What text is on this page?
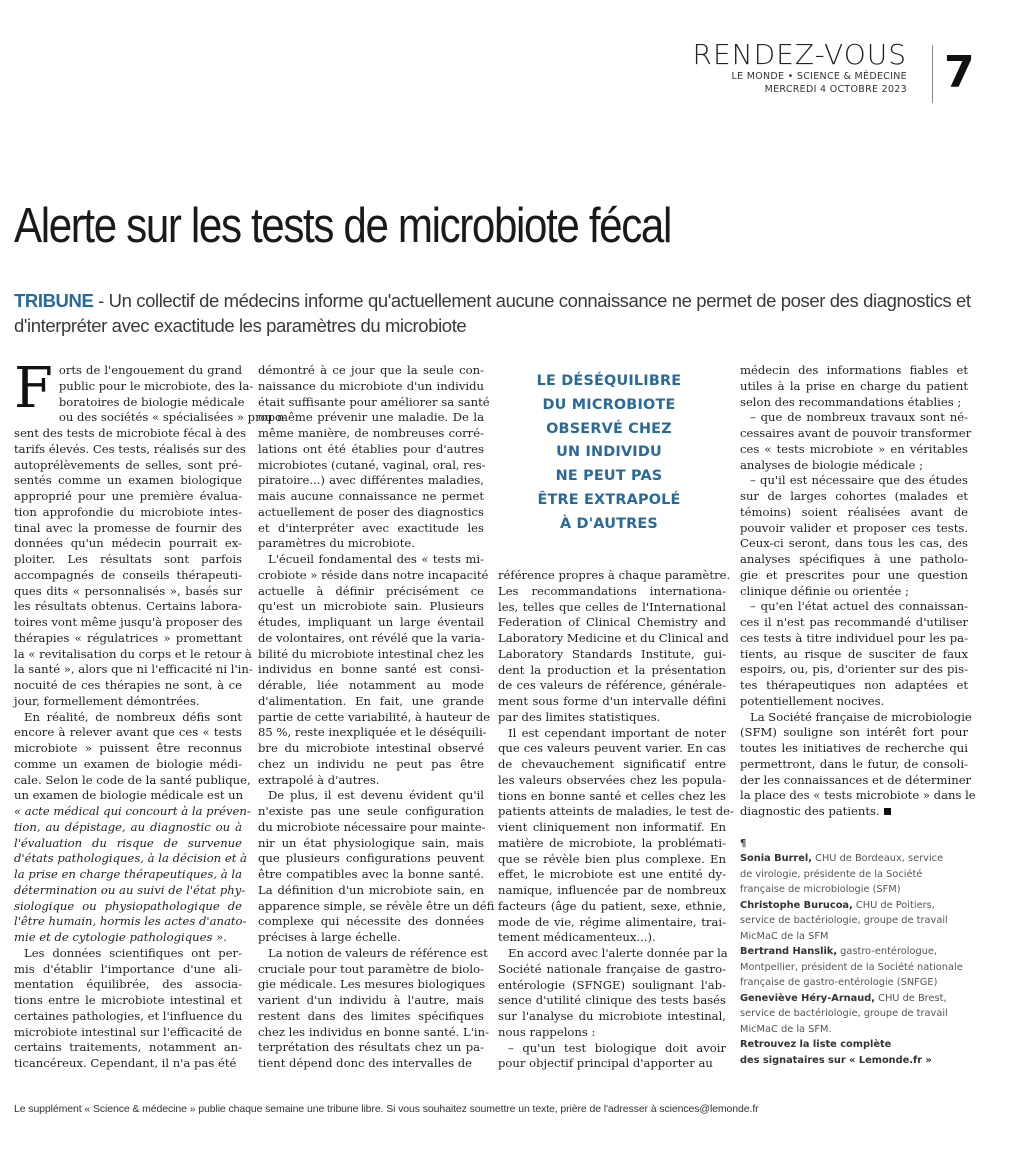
RENDEZ-VOUS
LE MONDE • SCIENCE & MÉDECINE
MERCREDI 4 OCTOBRE 2023 7
Alerte sur les tests de microbiote fécal
TRIBUNE - Un collectif de médecins informe qu'actuellement aucune connaissance ne permet de poser des diagnostics et d'interpréter avec exactitude les paramètres du microbiote
F orts de l'engouement du grand
public pour le microbiote, des la-
boratoires de biologie médicale
ou des sociétés « spécialisées » propo-
sent des tests de microbiote fécal à des
tarifs élevés. Ces tests, réalisés sur des
autoprélèvements de selles, sont pré-
sentés comme un examen biologique
approprié pour une première évalua-
tion approfondie du microbiote intes-
tinal avec la promesse de fournir des
données qu'un médecin pourrait ex-
ploiter. Les résultats sont parfois
accompagnés de conseils thérapeuti-
ques dits « personnalisés », basés sur
les résultats obtenus. Certains labora-
toires vont même jusqu'à proposer des
thérapies « régulatrices » promettant
la « revitalisation du corps et le retour à
la santé », alors que ni l'efficacité ni l'in-
nocuité de ces thérapies ne sont, à ce
jour, formellement démontrées.
En réalité, de nombreux défis sont
encore à relever avant que ces « tests
microbiote » puissent être reconnus
comme un examen de biologie médi-
cale. Selon le code de la santé publique,
un examen de biologie médicale est un
« acte médical qui concourt à la préven-
tion, au dépistage, au diagnostic ou à
l'évaluation du risque de survenue
d'états pathologiques, à la décision et à
la prise en charge thérapeutiques, à la
détermination ou au suivi de l'état phy-
siologique ou physiopathologique de
l'être humain, hormis les actes d'anato-
mie et de cytologie pathologiques ».
Les données scientifiques ont per-
mis d'établir l'importance d'une ali-
mentation équilibrée, des associa-
tions entre le microbiote intestinal et
certaines pathologies, et l'influence du
microbiote intestinal sur l'efficacité de
certains traitements, notamment an-
ticancéreux. Cependant, il n'a pas été
démontré à ce jour que la seule con-
naissance du microbiote d'un individu
était suffisante pour améliorer sa santé
ou même prévenir une maladie. De la
même manière, de nombreuses corré-
lations ont été établies pour d'autres
microbiotes (cutané, vaginal, oral, res-
piratoire...) avec différentes maladies,
mais aucune connaissance ne permet
actuellement de poser des diagnostics
et d'interpréter avec exactitude les
paramètres du microbiote.
L'écueil fondamental des « tests mi-
crobiote » réside dans notre incapacité
actuelle à définir précisément ce
qu'est un microbiote sain. Plusieurs
études, impliquant un large éventail
de volontaires, ont révélé que la varia-
bilité du microbiote intestinal chez les
individus en bonne santé est consi-
dérable, liée notamment au mode
d'alimentation. En fait, une grande
partie de cette variabilité, à hauteur de
85 %, reste inexpliquée et le déséquili-
bre du microbiote intestinal observé
chez un individu ne peut pas être
extrapolé à d'autres.
De plus, il est devenu évident qu'il
n'existe pas une seule configuration
du microbiote nécessaire pour mainte-
nir un état physiologique sain, mais
que plusieurs configurations peuvent
être compatibles avec la bonne santé.
La définition d'un microbiote sain, en
apparence simple, se révèle être un défi
complexe qui nécessite des données
précises à large échelle.
La notion de valeurs de référence est
cruciale pour tout paramètre de biolo-
gie médicale. Les mesures biologiques
varient d'un individu à l'autre, mais
restent dans des limites spécifiques
chez les individus en bonne santé. L'in-
terprétation des résultats chez un pa-
tient dépend donc des intervalles de
référence propres à chaque paramètre.
Les recommandations internationa-
les, telles que celles de l'International
Federation of Clinical Chemistry and
Laboratory Medicine et du Clinical and
Laboratory Standards Institute, gui-
dent la production et la présentation
de ces valeurs de référence, générale-
ment sous forme d'un intervalle défini
par des limites statistiques.
Il est cependant important de noter
que ces valeurs peuvent varier. En cas
de chevauchement significatif entre
les valeurs observées chez les popula-
tions en bonne santé et celles chez les
patients atteints de maladies, le test de-
vient cliniquement non informatif. En
matière de microbiote, la problémati-
que se révèle bien plus complexe. En
effet, le microbiote est une entité dy-
namique, influencée par de nombreux
facteurs (âge du patient, sexe, ethnie,
mode de vie, régime alimentaire, trai-
tement médicamenteux...).
En accord avec l'alerte donnée par la
Société nationale française de gastro-
entérologie (SFNGE) soulignant l'ab-
sence d'utilité clinique des tests basés
sur l'analyse du microbiote intestinal,
nous rappelons :
– qu'un test biologique doit avoir
pour objectif principal d'apporter au
médecin des informations fiables et
utiles à la prise en charge du patient
selon des recommandations établies ;
– que de nombreux travaux sont né-
cessaires avant de pouvoir transformer
ces « tests microbiote » en véritables
analyses de biologie médicale ;
– qu'il est nécessaire que des études
sur de larges cohortes (malades et
témoins) soient réalisées avant de
pouvoir valider et proposer ces tests.
Ceux-ci seront, dans tous les cas, des
analyses spécifiques à une patholo-
gie et prescrites pour une question
clinique définie ou orientée ;
– qu'en l'état actuel des connaissan-
ces il n'est pas recommandé d'utiliser
ces tests à titre individuel pour les pa-
tients, au risque de susciter de faux
espoirs, ou, pis, d'orienter sur des pis-
tes thérapeutiques non adaptées et
potentiellement nocives.
La Société française de microbiologie
(SFM) souligne son intérêt fort pour
toutes les initiatives de recherche qui
permettront, dans le futur, de consoli-
der les connaissances et de déterminer
la place des « tests microbiote » dans le
diagnostic des patients.
LE DÉSÉQUILIBRE
DU MICROBIOTE
OBSERVÉ CHEZ
UN INDIVIDU
NE PEUT PAS
ÊTRE EXTRAPOLÉ
À D'AUTRES
¶
Sonia Burrel, CHU de Bordeaux, service
de virologie, présidente de la Société
française de microbiologie (SFM)
Christophe Burucoa, CHU de Poitiers,
service de bactériologie, groupe de travail
MicMaC de la SFM
Bertrand Hanslik, gastro-entérologue,
Montpellier, président de la Société nationale
française de gastro-entérologie (SNFGE)
Geneviève Héry-Arnaud, CHU de Brest,
service de bactériologie, groupe de travail
MicMaC de la SFM.
Retrouvez la liste complète
des signataires sur « Lemonde.fr »
Le supplément « Science & médecine » publie chaque semaine une tribune libre. Si vous souhaitez soumettre un texte, prière de l'adresser à sciences@lemonde.fr
